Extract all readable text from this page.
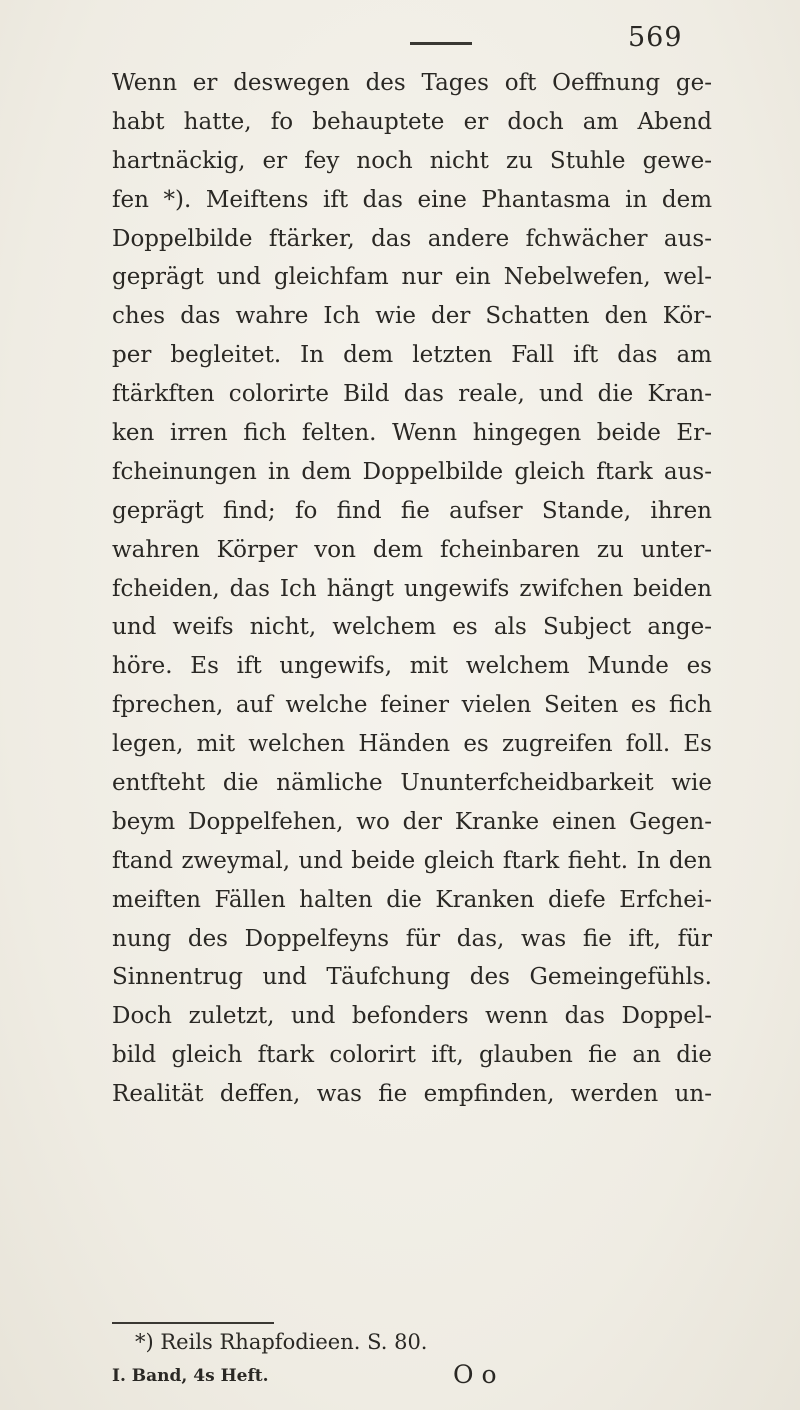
569
Wenn er deswegen des Tages oft Oeffnung ge-
habt hatte, fo behauptete er doch am Abend
hartnäckig, er fey noch nicht zu Stuhle gewe-
fen *). Meiftens ift das eine Phantasma in dem
Doppelbilde ftärker, das andere fchwächer aus-
geprägt und gleichfam nur ein Nebelwefen, wel-
ches das wahre Ich wie der Schatten den Kör-
per begleitet. In dem letzten Fall ift das am
ftärkften colorirte Bild das reale, und die Kran-
ken irren fich felten. Wenn hingegen beide Er-
fcheinungen in dem Doppelbilde gleich ftark aus-
geprägt find; fo find fie aufser Stande, ihren
wahren Körper von dem fcheinbaren zu unter-
fcheiden, das Ich hängt ungewifs zwifchen beiden
und weifs nicht, welchem es als Subject ange-
höre. Es ift ungewifs, mit welchem Munde es
fprechen, auf welche feiner vielen Seiten es fich
legen, mit welchen Händen es zugreifen foll. Es
entfteht die nämliche Ununterfcheidbarkeit wie
beym Doppelfehen, wo der Kranke einen Gegen-
ftand zweymal, und beide gleich ftark fieht. In den
meiften Fällen halten die Kranken diefe Erfchei-
nung des Doppelfeyns für das, was fie ift, für
Sinnentrug und Täufchung des Gemeingefühls.
Doch zuletzt, und befonders wenn das Doppel-
bild gleich ftark colorirt ift, glauben fie an die
Realität deffen, was fie empfinden, werden un-
*) Reils Rhapfodieen. S. 80.
I. Band, 4s Heft.	O o
